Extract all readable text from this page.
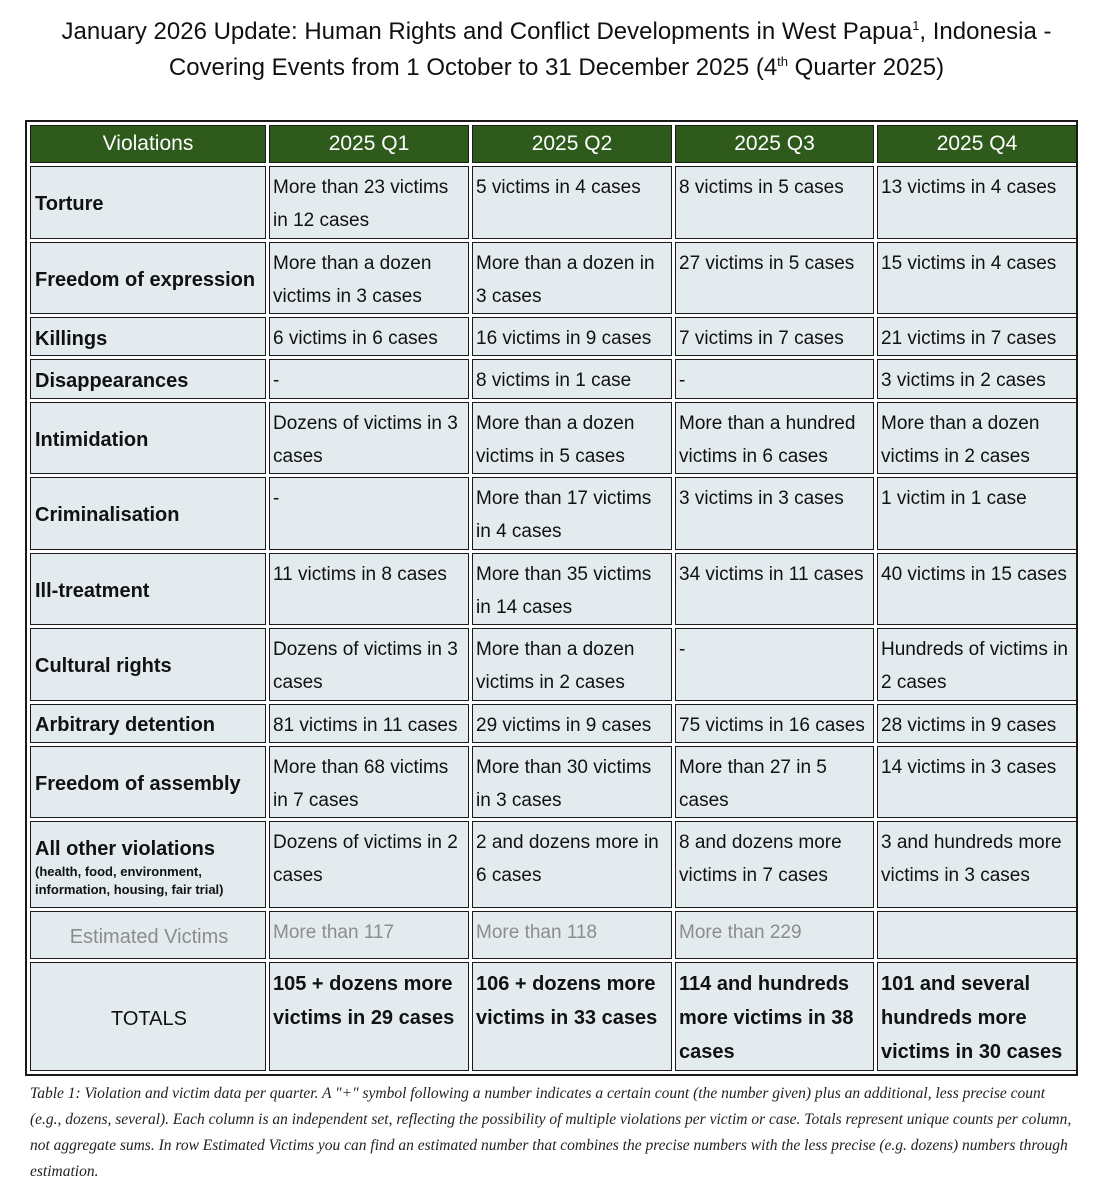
January 2026 Update: Human Rights and Conflict Developments in West Papua$^1$, Indonesia -
Covering Events from 1 October to 31 December 2025 (4th Quarter 2025)
Violations	2025 Q1	2025 Q2	2025 Q3	2025 Q4

Torture	More than 23 victims in 12 cases	5 victims in 4 cases	8 victims in 5 cases	13 victims in 4 cases

Freedom of expression	More than a dozen victims in 3 cases	More than a dozen in 3 cases	27 victims in 5 cases	15 victims in 4 cases

Killings	6 victims in 6 cases	16 victims in 9 cases	7 victims in 7 cases	21 victims in 7 cases

Disappearances	-	8 victims in 1 case	-	3 victims in 2 cases

Intimidation	Dozens of victims in 3 cases	More than a dozen victims in 5 cases	More than a hundred victims in 6 cases	More than a dozen victims in 2 cases

Criminalisation	-	More than 17 victims in 4 cases	3 victims in 3 cases	1 victim in 1 case

Ill-treatment	11 victims in 8 cases	More than 35 victims in 14 cases	34 victims in 11 cases	40 victims in 15 cases

Cultural rights	Dozens of victims in 3 cases	More than a dozen victims in 2 cases	-	Hundreds of victims in 2 cases

Arbitrary detention	81 victims in 11 cases	29 victims in 9 cases	75 victims in 16 cases	28 victims in 9 cases

Freedom of assembly	More than 68 victims in 7 cases	More than 30 victims in 3 cases	More than 27 in 5 cases	14 victims in 3 cases

All other violations
(health, food, environment, information, housing, fair trial)	Dozens of victims in 2 cases	2 and dozens more in 6 cases	8 and dozens more victims in 7 cases	3 and hundreds more victims in 3 cases

Estimated Victims	More than 117	More than 118	More than 229	

TOTALS	105 + dozens more victims in 29 cases	106 + dozens more victims in 33 cases	114 and hundreds more victims in 38 cases	101 and several hundreds more victims in 30 cases
Table 1: Violation and victim data per quarter. A "+" symbol following a number indicates a certain count (the number given) plus an additional, less precise count (e.g., dozens, several). Each column is an independent set, reflecting the possibility of multiple violations per victim or case. Totals represent unique counts per column, not aggregate sums. In row Estimated Victims you can find an estimated number that combines the precise numbers with the less precise (e.g. dozens) numbers through estimation.
